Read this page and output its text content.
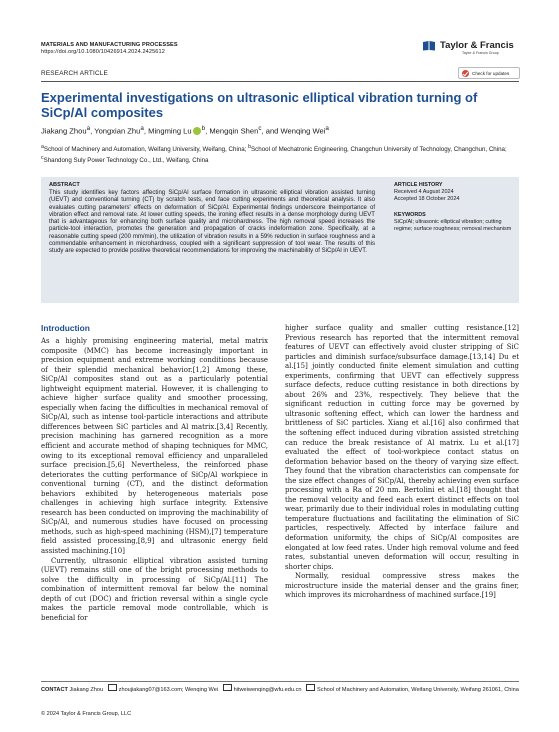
MATERIALS AND MANUFACTURING PROCESSES
https://doi.org/10.1080/10426914.2024.2425612
Taylor & Francis
Taylor & Francis Group
RESEARCH ARTICLE	Check for updates
Experimental investigations on ultrasonic elliptical vibration turning of SiCp/Al composites
Jiakang Zhou$^a$, Yongxian Zhu$^a$, Mingming Lu $^b$, Mengqin Shen$^c$, and Wenqing Wei$^a$
$^a$School of Machinery and Automation, Weifang University, Weifang, China; $^b$School of Mechatronic Engineering, Changchun University of Technology, Changchun, China; $^c$Shandong Suly Power Technology Co., Ltd., Weifang, China
ABSTRACT
This study identifies key factors affecting SiCp/Al surface formation in ultrasonic elliptical vibration assisted turning (UEVT) and conventional turning (CT) by scratch tests, end face cutting experiments and theoretical analysis. It also evaluates cutting parameters' effects on deformation of SiCp/Al. Experimental findings underscore theimportance of vibration effect and removal rate. At lower cutting speeds, the ironing effect results in a dense morphology during UEVT that is advantageous for enhancing both surface quality and microhardness. The high removal speed increases the particle-tool interaction, promotes the generation and propagation of cracks indeformation zone. Specifically, at a reasonable cutting speed (200 mm/min), the utilization of vibration results in a 59% reduction in surface roughness and a commendable enhancement in microhardness, coupled with a significant suppression of tool wear. The results of this study are expected to provide positive theoretical recommendations for improving the machinability of SiCp/Al in UEVT.
ARTICLE HISTORY
Received 4 August 2024
Accepted 18 October 2024
KEYWORDS
SiCp/Al; ultrasonic elliptical vibration; cutting regime; surface roughness; removal mechanism
Introduction

As a highly promising engineering material, metal matrix composite (MMC) has become increasingly important in precision equipment and extreme working conditions because of their splendid mechanical behavior.[1,2] Among these, SiCp/Al composites stand out as a particularly potential lightweight equipment material. However, it is challenging to achieve higher surface quality and smoother processing, especially when facing the difficulties in mechanical removal of SiCp/Al, such as intense tool-particle interactions and attribute differences between SiC particles and Al matrix.[3,4] Recently, precision machining has garnered recognition as a more efficient and accurate method of shaping techniques for MMC, owing to its exceptional removal efficiency and unparalleled surface precision.[5,6] Nevertheless, the reinforced phase deteriorates the cutting performance of SiCp/Al workpiece in conventional turning (CT), and the distinct deformation behaviors exhibited by heterogeneous materials pose challenges in achieving high surface integrity. Extensive research has been conducted on improving the machinability of SiCp/Al, and numerous studies have focused on processing methods, such as high-speed machining (HSM),[7] temperature field assisted processing,[8,9] and ultrasonic energy field assisted machining.[10]

Currently, ultrasonic elliptical vibration assisted turning (UEVT) remains still one of the bright processing methods to solve the difficulty in processing of SiCp/Al.[11] The combination of intermittent removal far below the nominal depth of cut (DOC) and friction reversal within a single cycle makes the particle removal mode controllable, which is beneficial for

higher surface quality and smaller cutting resistance.[12] Previous research has reported that the intermittent removal features of UEVT can effectively avoid cluster stripping of SiC particles and diminish surface/subsurface damage.[13,14] Du et al.[15] jointly conducted finite element simulation and cutting experiments, confirming that UEVT can effectively suppress surface defects, reduce cutting resistance in both directions by about 26% and 23%, respectively. They believe that the significant reduction in cutting force may be governed by ultrasonic softening effect, which can lower the hardness and brittleness of SiC particles. Xiang et al.[16] also confirmed that the softening effect induced during vibration assisted stretching can reduce the break resistance of Al matrix. Lu et al.[17] evaluated the effect of tool-workpiece contact status on deformation behavior based on the theory of varying size effect. They found that the vibration characteristics can compensate for the size effect changes of SiCp/Al, thereby achieving even surface processing with a Ra of 20 nm. Bertolini et al.[18] thought that the removal velocity and feed each exert distinct effects on tool wear, primarily due to their individual roles in modulating cutting temperature fluctuations and facilitating the elimination of SiC particles, respectively. Affected by interface failure and deformation uniformity, the chips of SiCp/Al composites are elongated at low feed rates. Under high removal volume and feed rates, substantial uneven deformation will occur, resulting in shorter chips.

Normally, residual compressive stress makes the microstructure inside the material denser and the grains finer, which improves its microhardness of machined surface.[19]

CONTACT Jiakang Zhou	zhoujiakang07@163.com; Wenqing Wei	hitweiwenqing@wfu.edu.cn	School of Machinery and Automation, Weifang University, Weifang 261061, China
© 2024 Taylor & Francis Group, LLC
